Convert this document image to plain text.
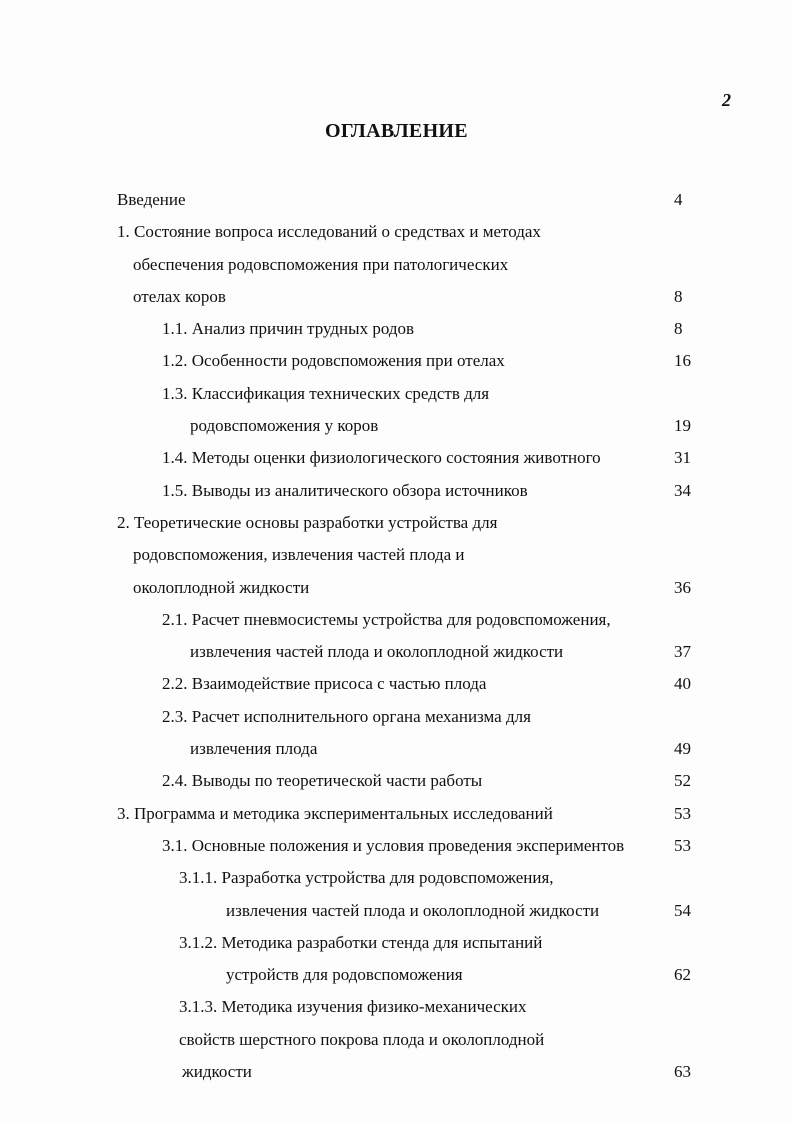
2
ОГЛАВЛЕНИЕ
Введение	4
1. Состояние вопроса исследований о средствах и методах
обеспечения родовспоможения при патологических
отелах коров	8
1.1. Анализ причин трудных родов	8
1.2. Особенности родовспоможения при отелах	16
1.3. Классификация технических средств для
родовспоможения у коров	19
1.4. Методы оценки физиологического состояния животного	31
1.5. Выводы из аналитического обзора источников	34
2. Теоретические основы разработки устройства для
родовспоможения, извлечения частей плода и
околоплодной жидкости	36
2.1. Расчет пневмосистемы устройства для родовспоможения,
извлечения частей плода и околоплодной жидкости	37
2.2. Взаимодействие присоса с частью плода	40
2.3. Расчет исполнительного органа механизма для
извлечения плода	49
2.4. Выводы по теоретической части работы	52
3. Программа и методика экспериментальных исследований	53
3.1. Основные положения и условия проведения экспериментов	53
3.1.1. Разработка устройства для родовспоможения,
извлечения частей плода и околоплодной жидкости	54
3.1.2. Методика разработки стенда для испытаний
устройств для родовспоможения	62
3.1.3. Методика изучения физико-механических
свойств шерстного покрова плода и околоплодной
жидкости	63
